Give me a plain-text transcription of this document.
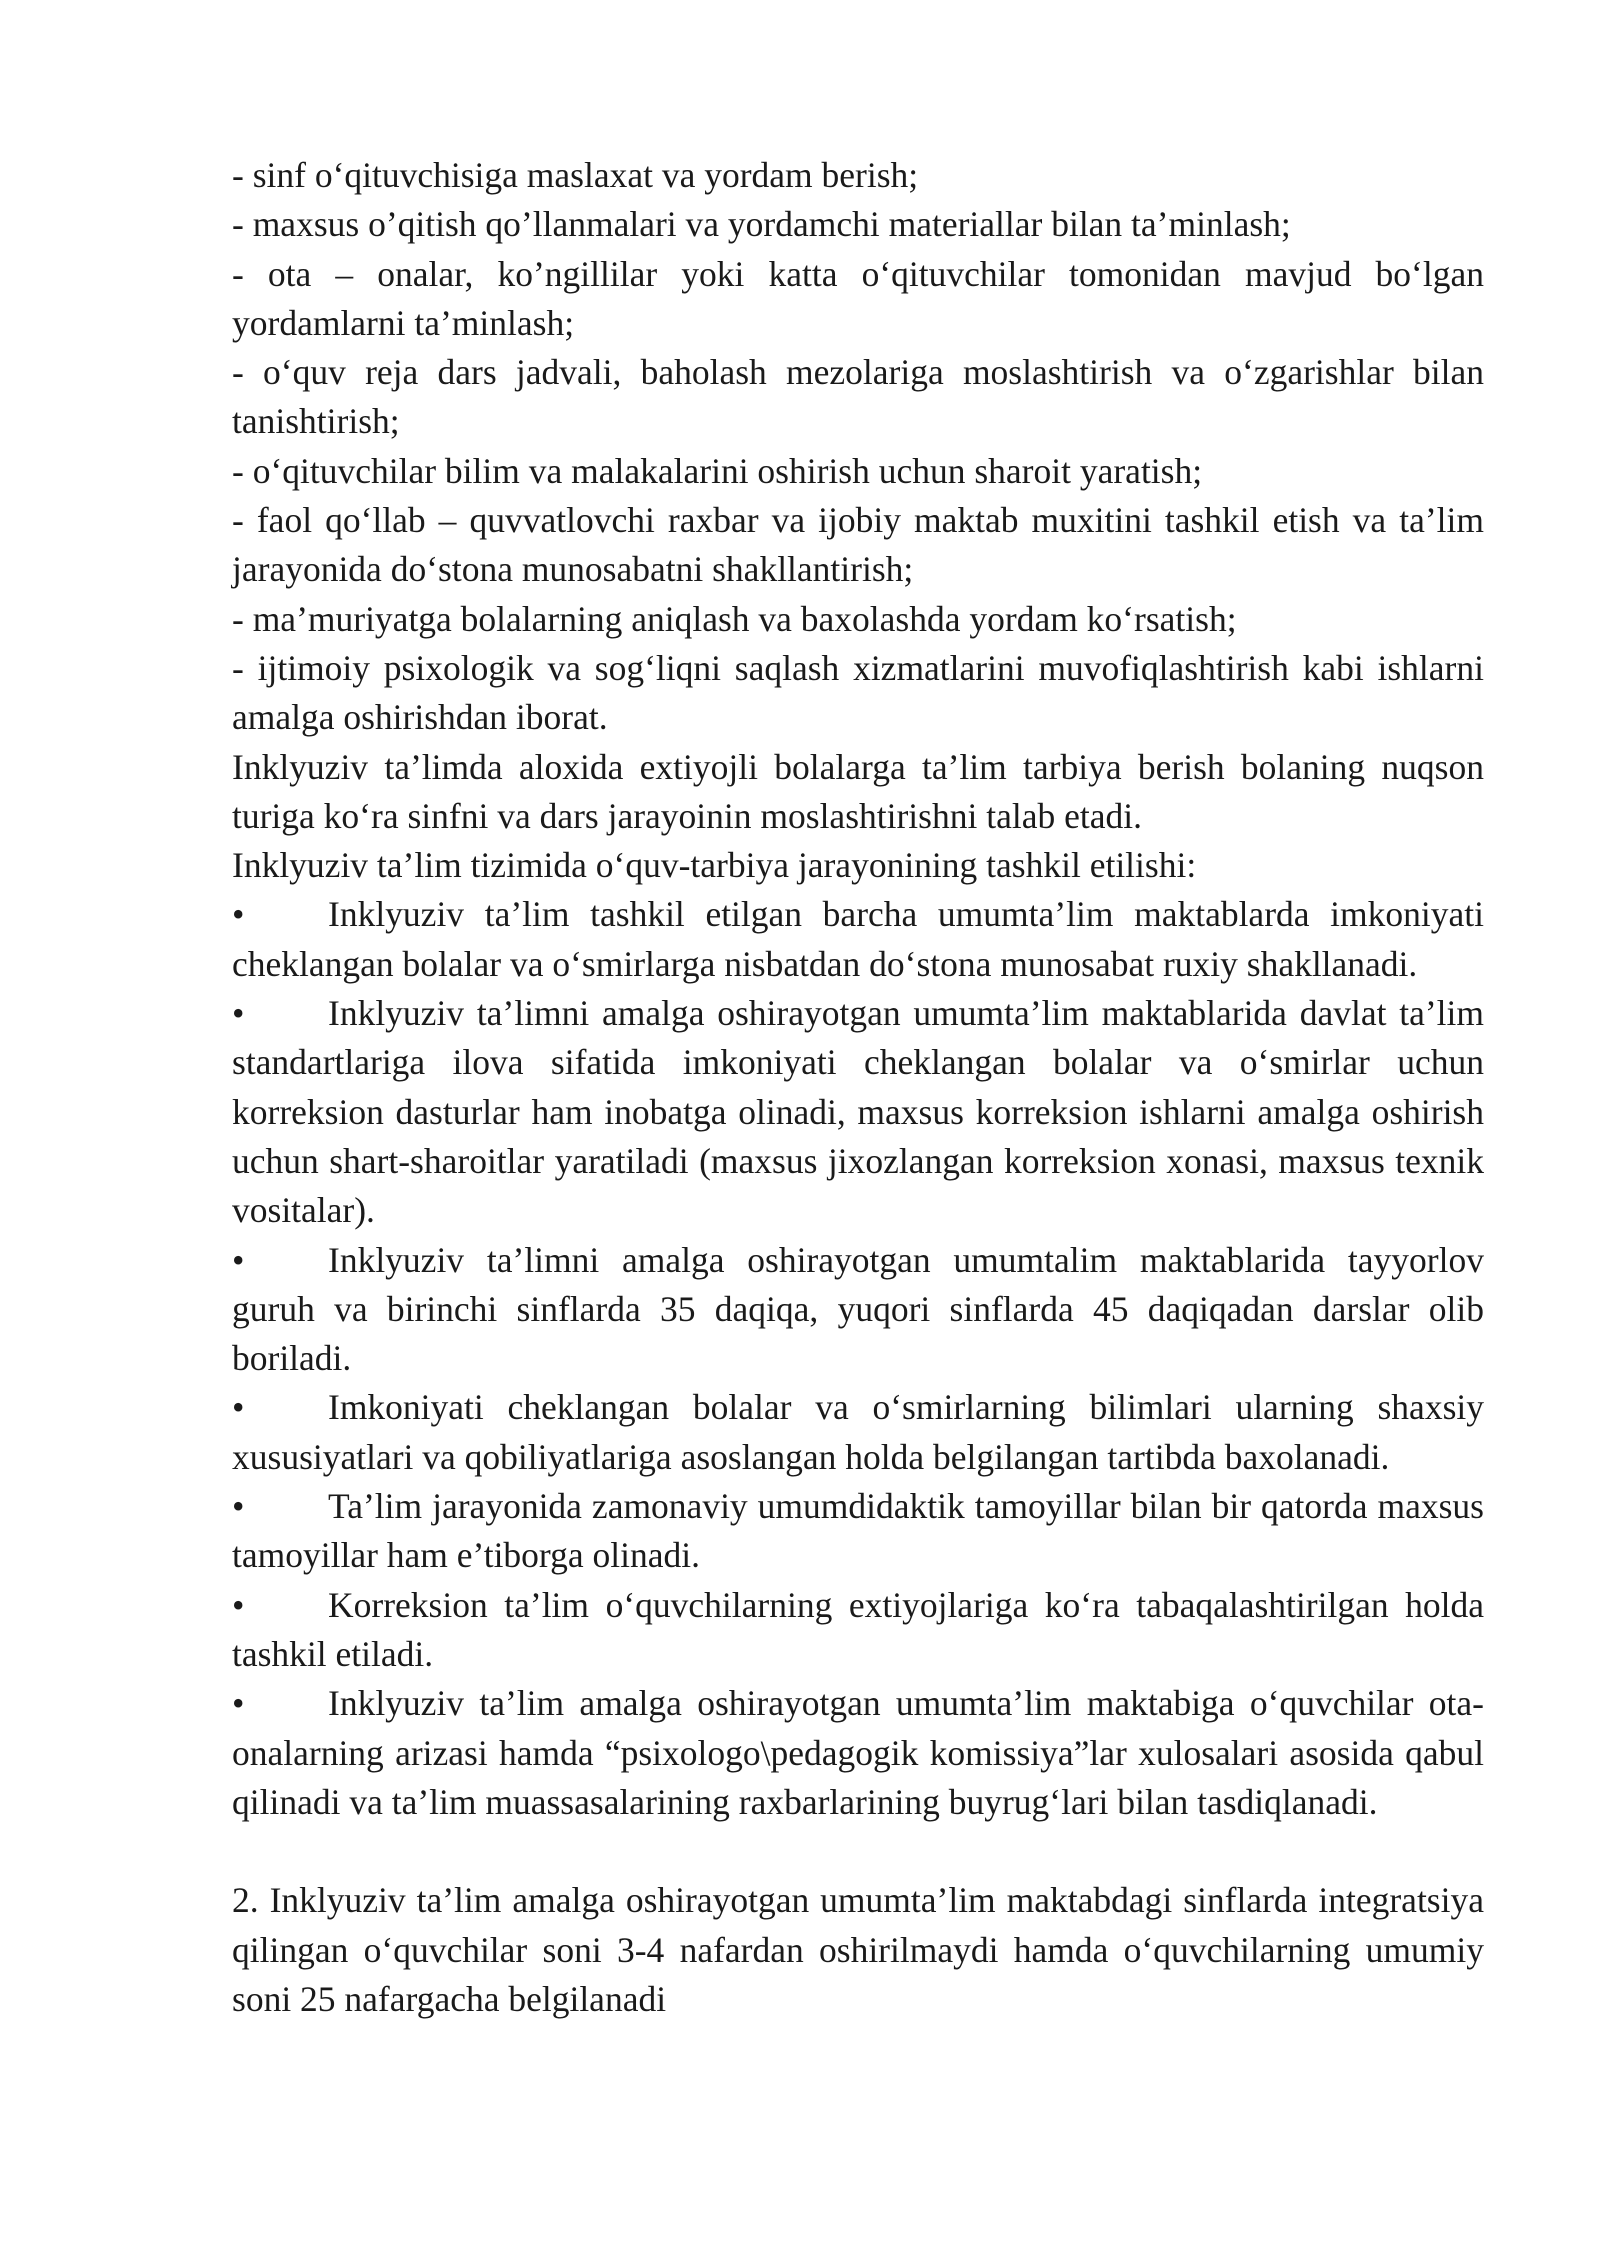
- sinf o‘qituvchisiga maslaxat va yordam berish;

- maxsus o’qitish qo’llanmalari va yordamchi materiallar bilan ta’minlash;

- ota – onalar, ko’ngillilar yoki katta o‘qituvchilar tomonidan mavjud bo‘lgan yordamlarni ta’minlash;

- o‘quv reja dars jadvali, baholash mezolariga moslashtirish va o‘zgarishlar bilan tanishtirish;

- o‘qituvchilar bilim va malakalarini oshirish uchun sharoit yaratish;

- faol qo‘llab – quvvatlovchi raxbar va ijobiy maktab muxitini tashkil etish va ta’lim jarayonida do‘stona munosabatni shakllantirish;

- ma’muriyatga bolalarning aniqlash va baxolashda yordam ko‘rsatish;

- ijtimoiy psixologik va sog‘liqni saqlash xizmatlarini muvofiqlashtirish kabi ishlarni amalga oshirishdan iborat.

Inklyuziv ta’limda aloxida extiyojli bolalarga ta’lim tarbiya berish bolaning nuqson turiga ko‘ra sinfni va dars jarayoinin moslashtirishni talab etadi.

Inklyuziv ta’lim tizimida o‘quv-tarbiya jarayonining tashkil etilishi:

• Inklyuziv ta’lim tashkil etilgan barcha umumta’lim maktablarda imkoniyati cheklangan bolalar va o‘smirlarga nisbatdan do‘stona munosabat ruxiy shakllanadi.

• Inklyuziv ta’limni amalga oshirayotgan umumta’lim maktablarida davlat ta’lim standartlariga ilova sifatida imkoniyati cheklangan bolalar va o‘smirlar uchun korreksion dasturlar ham inobatga olinadi, maxsus korreksion ishlarni amalga oshirish uchun shart-sharoitlar yaratiladi (maxsus jixozlangan korreksion xonasi, maxsus texnik vositalar).

• Inklyuziv ta’limni amalga oshirayotgan umumtalim maktablarida tayyorlov guruh va birinchi sinflarda 35 daqiqa, yuqori sinflarda 45 daqiqadan darslar olib boriladi.

• Imkoniyati cheklangan bolalar va o‘smirlarning bilimlari ularning shaxsiy xususiyatlari va qobiliyatlariga asoslangan holda belgilangan tartibda baxolanadi.

• Ta’lim jarayonida zamonaviy umumdidaktik tamoyillar bilan bir qatorda maxsus tamoyillar ham e’tiborga olinadi.

• Korreksion ta’lim o‘quvchilarning extiyojlariga ko‘ra tabaqalashtirilgan holda tashkil etiladi.

• Inklyuziv ta’lim amalga oshirayotgan umumta’lim maktabiga o‘quvchilar ota- onalarning arizasi hamda “psixologo\pedagogik komissiya”lar xulosalari asosida qabul qilinadi va ta’lim muassasalarining raxbarlarining buyrug‘lari bilan tasdiqlanadi.

2. Inklyuziv ta’lim amalga oshirayotgan umumta’lim maktabdagi sinflarda integratsiya qilingan o‘quvchilar soni 3-4 nafardan oshirilmaydi hamda o‘quvchilarning umumiy soni 25 nafargacha belgilanadi
